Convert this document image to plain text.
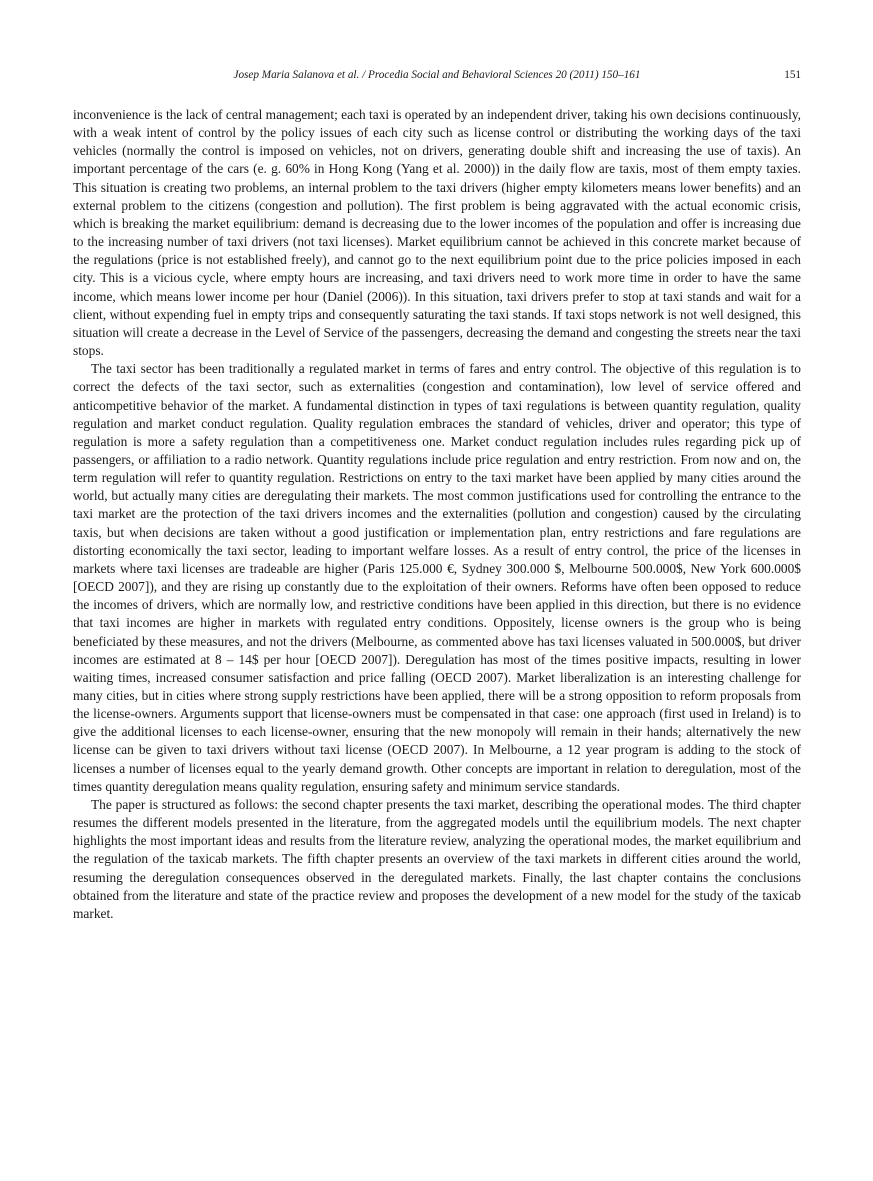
Josep Maria Salanova et al. / Procedia Social and Behavioral Sciences 20 (2011) 150–161	151

inconvenience is the lack of central management; each taxi is operated by an independent driver, taking his own decisions continuously, with a weak intent of control by the policy issues of each city such as license control or distributing the working days of the taxi vehicles (normally the control is imposed on vehicles, not on drivers, generating double shift and increasing the use of taxis). An important percentage of the cars (e. g. 60% in Hong Kong (Yang et al. 2000)) in the daily flow are taxis, most of them empty taxies. This situation is creating two problems, an internal problem to the taxi drivers (higher empty kilometers means lower benefits) and an external problem to the citizens (congestion and pollution). The first problem is being aggravated with the actual economic crisis, which is breaking the market equilibrium: demand is decreasing due to the lower incomes of the population and offer is increasing due to the increasing number of taxi drivers (not taxi licenses). Market equilibrium cannot be achieved in this concrete market because of the regulations (price is not established freely), and cannot go to the next equilibrium point due to the price policies imposed in each city. This is a vicious cycle, where empty hours are increasing, and taxi drivers need to work more time in order to have the same income, which means lower income per hour (Daniel (2006)). In this situation, taxi drivers prefer to stop at taxi stands and wait for a client, without expending fuel in empty trips and consequently saturating the taxi stands. If taxi stops network is not well designed, this situation will create a decrease in the Level of Service of the passengers, decreasing the demand and congesting the streets near the taxi stops.

The taxi sector has been traditionally a regulated market in terms of fares and entry control. The objective of this regulation is to correct the defects of the taxi sector, such as externalities (congestion and contamination), low level of service offered and anticompetitive behavior of the market. A fundamental distinction in types of taxi regulations is between quantity regulation, quality regulation and market conduct regulation. Quality regulation embraces the standard of vehicles, driver and operator; this type of regulation is more a safety regulation than a competitiveness one. Market conduct regulation includes rules regarding pick up of passengers, or affiliation to a radio network. Quantity regulations include price regulation and entry restriction. From now and on, the term regulation will refer to quantity regulation. Restrictions on entry to the taxi market have been applied by many cities around the world, but actually many cities are deregulating their markets. The most common justifications used for controlling the entrance to the taxi market are the protection of the taxi drivers incomes and the externalities (pollution and congestion) caused by the circulating taxis, but when decisions are taken without a good justification or implementation plan, entry restrictions and fare regulations are distorting economically the taxi sector, leading to important welfare losses. As a result of entry control, the price of the licenses in markets where taxi licenses are tradeable are higher (Paris 125.000 €, Sydney 300.000 $, Melbourne 500.000$, New York 600.000$ [OECD 2007]), and they are rising up constantly due to the exploitation of their owners. Reforms have often been opposed to reduce the incomes of drivers, which are normally low, and restrictive conditions have been applied in this direction, but there is no evidence that taxi incomes are higher in markets with regulated entry conditions. Oppositely, license owners is the group who is being beneficiated by these measures, and not the drivers (Melbourne, as commented above has taxi licenses valuated in 500.000$, but driver incomes are estimated at 8 – 14$ per hour [OECD 2007]). Deregulation has most of the times positive impacts, resulting in lower waiting times, increased consumer satisfaction and price falling (OECD 2007). Market liberalization is an interesting challenge for many cities, but in cities where strong supply restrictions have been applied, there will be a strong opposition to reform proposals from the license-owners. Arguments support that license-owners must be compensated in that case: one approach (first used in Ireland) is to give the additional licenses to each license-owner, ensuring that the new monopoly will remain in their hands; alternatively the new license can be given to taxi drivers without taxi license (OECD 2007). In Melbourne, a 12 year program is adding to the stock of licenses a number of licenses equal to the yearly demand growth. Other concepts are important in relation to deregulation, most of the times quantity deregulation means quality regulation, ensuring safety and minimum service standards.

The paper is structured as follows: the second chapter presents the taxi market, describing the operational modes. The third chapter resumes the different models presented in the literature, from the aggregated models until the equilibrium models. The next chapter highlights the most important ideas and results from the literature review, analyzing the operational modes, the market equilibrium and the regulation of the taxicab markets. The fifth chapter presents an overview of the taxi markets in different cities around the world, resuming the deregulation consequences observed in the deregulated markets. Finally, the last chapter contains the conclusions obtained from the literature and state of the practice review and proposes the development of a new model for the study of the taxicab market.
